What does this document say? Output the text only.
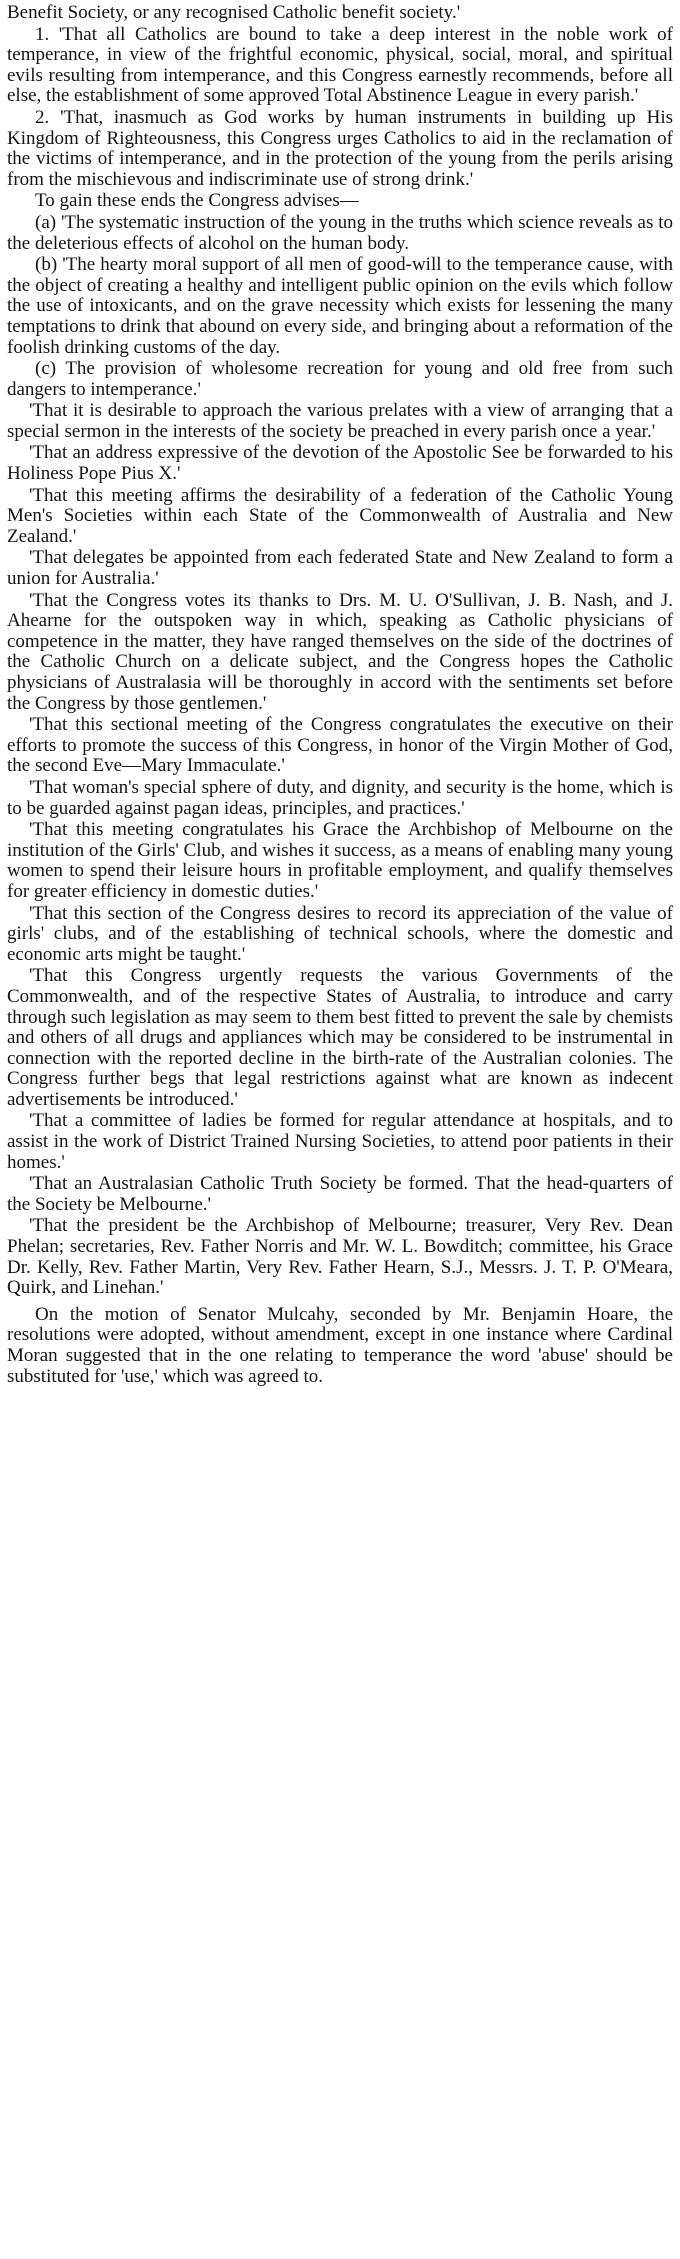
Benefit Society, or any recognised Catholic benefit society.'

1. 'That all Catholics are bound to take a deep interest in the noble work of temperance, in view of the frightful economic, physical, social, moral, and spiritual evils resulting from intemperance, and this Congress earnestly recommends, before all else, the establishment of some approved Total Abstinence League in every parish.'

2. 'That, inasmuch as God works by human instruments in building up His Kingdom of Righteousness, this Congress urges Catholics to aid in the reclamation of the victims of intemperance, and in the protection of the young from the perils arising from the mischievous and indiscriminate use of strong drink.'

To gain these ends the Congress advises—

(a) 'The systematic instruction of the young in the truths which science reveals as to the deleterious effects of alcohol on the human body.

(b) 'The hearty moral support of all men of good-will to the temperance cause, with the object of creating a healthy and intelligent public opinion on the evils which follow the use of intoxicants, and on the grave necessity which exists for lessening the many temptations to drink that abound on every side, and bringing about a reformation of the foolish drinking customs of the day.

(c) The provision of wholesome recreation for young and old free from such dangers to intemperance.'

'That it is desirable to approach the various prelates with a view of arranging that a special sermon in the interests of the society be preached in every parish once a year.'

'That an address expressive of the devotion of the Apostolic See be forwarded to his Holiness Pope Pius X.'

'That this meeting affirms the desirability of a federation of the Catholic Young Men's Societies within each State of the Commonwealth of Australia and New Zealand.'

'That delegates be appointed from each federated State and New Zealand to form a union for Australia.'

'That the Congress votes its thanks to Drs. M. U. O'Sullivan, J. B. Nash, and J. Ahearne for the outspoken way in which, speaking as Catholic physicians of competence in the matter, they have ranged themselves on the side of the doctrines of the Catholic Church on a delicate subject, and the Congress hopes the Catholic physicians of Australasia will be thoroughly in accord with the sentiments set before the Congress by those gentlemen.'

'That this sectional meeting of the Congress congratulates the executive on their efforts to promote the success of this Congress, in honor of the Virgin Mother of God, the second Eve—Mary Immaculate.'

'That woman's special sphere of duty, and dignity, and security is the home, which is to be guarded against pagan ideas, principles, and practices.'

'That this meeting congratulates his Grace the Archbishop of Melbourne on the institution of the Girls' Club, and wishes it success, as a means of enabling many young women to spend their leisure hours in profitable employment, and qualify themselves for greater efficiency in domestic duties.'

'That this section of the Congress desires to record its appreciation of the value of girls' clubs, and of the establishing of technical schools, where the domestic and economic arts might be taught.'

'That this Congress urgently requests the various Governments of the Commonwealth, and of the respective States of Australia, to introduce and carry through such legislation as may seem to them best fitted to prevent the sale by chemists and others of all drugs and appliances which may be considered to be instrumental in connection with the reported decline in the birth-rate of the Australian colonies. The Congress further begs that legal restrictions against what are known as indecent advertisements be introduced.'

'That a committee of ladies be formed for regular attendance at hospitals, and to assist in the work of District Trained Nursing Societies, to attend poor patients in their homes.'

'That an Australasian Catholic Truth Society be formed. That the head-quarters of the Society be Melbourne.'

'That the president be the Archbishop of Melbourne; treasurer, Very Rev. Dean Phelan; secretaries, Rev. Father Norris and Mr. W. L. Bowditch; committee, his Grace Dr. Kelly, Rev. Father Martin, Very Rev. Father Hearn, S.J., Messrs. J. T. P. O'Meara, Quirk, and Linehan.'

On the motion of Senator Mulcahy, seconded by Mr. Benjamin Hoare, the resolutions were adopted, without amendment, except in one instance where Cardinal Moran suggested that in the one relating to temperance the word 'abuse' should be substituted for 'use,' which was agreed to.
